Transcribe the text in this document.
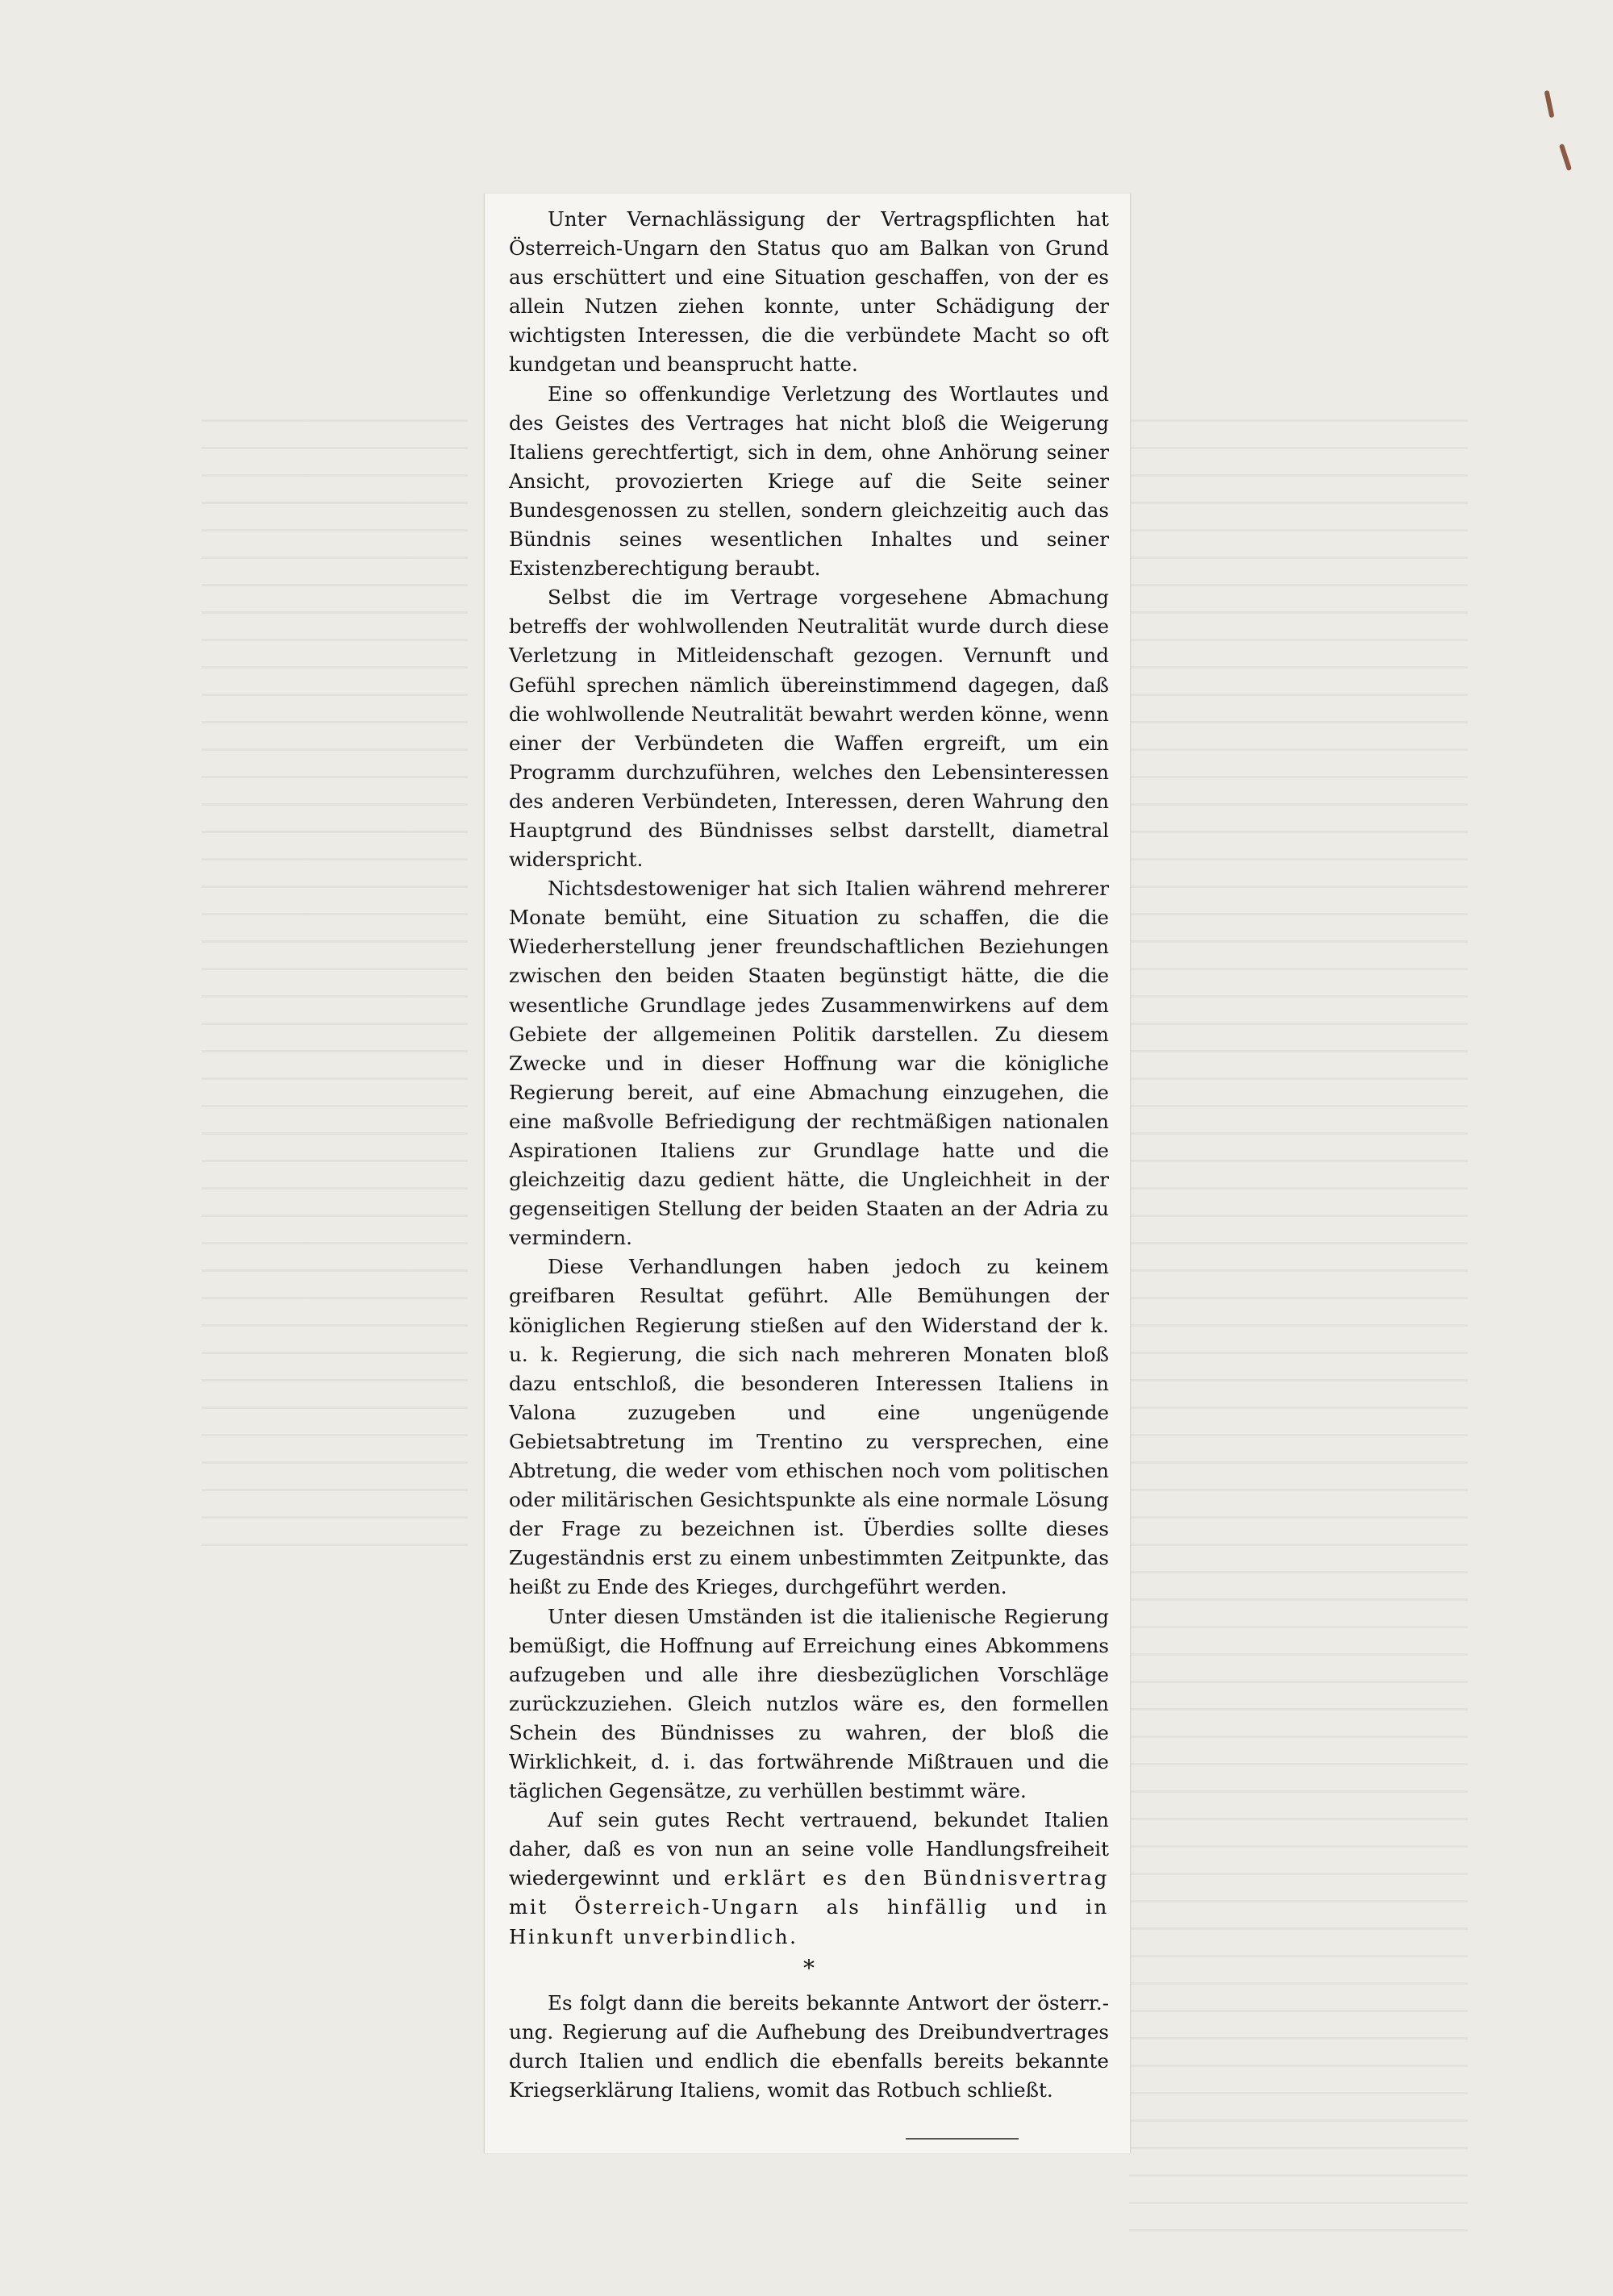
Unter Vernachlässigung der Vertragspflichten hat Österreich-Ungarn den Status quo am Balkan von Grund aus erschüttert und eine Situation geschaffen, von der es allein Nutzen ziehen konnte, unter Schädigung der wichtigsten Interessen, die die verbündete Macht so oft kundgetan und beansprucht hatte.

Eine so offenkundige Verletzung des Wortlautes und des Geistes des Vertrages hat nicht bloß die Weigerung Italiens gerechtfertigt, sich in dem, ohne Anhörung seiner Ansicht, provozierten Kriege auf die Seite seiner Bundesgenossen zu stellen, sondern gleichzeitig auch das Bündnis seines wesentlichen Inhaltes und seiner Existenzberechtigung beraubt.

Selbst die im Vertrage vorgesehene Abmachung betreffs der wohlwollenden Neutralität wurde durch diese Verletzung in Mitleidenschaft gezogen. Vernunft und Gefühl sprechen nämlich übereinstimmend dagegen, daß die wohlwollende Neutralität bewahrt werden könne, wenn einer der Verbündeten die Waffen ergreift, um ein Programm durchzuführen, welches den Lebensinteressen des anderen Verbündeten, Interessen, deren Wahrung den Hauptgrund des Bündnisses selbst darstellt, diametral widerspricht.

Nichtsdestoweniger hat sich Italien während mehrerer Monate bemüht, eine Situation zu schaffen, die die Wiederherstellung jener freundschaftlichen Beziehungen zwischen den beiden Staaten begünstigt hätte, die die wesentliche Grundlage jedes Zusammenwirkens auf dem Gebiete der allgemeinen Politik darstellen. Zu diesem Zwecke und in dieser Hoffnung war die königliche Regierung bereit, auf eine Abmachung einzugehen, die eine maßvolle Befriedigung der rechtmäßigen nationalen Aspirationen Italiens zur Grundlage hatte und die gleichzeitig dazu gedient hätte, die Ungleichheit in der gegenseitigen Stellung der beiden Staaten an der Adria zu vermindern.

Diese Verhandlungen haben jedoch zu keinem greifbaren Resultat geführt. Alle Bemühungen der königlichen Regierung stießen auf den Widerstand der k. u. k. Regierung, die sich nach mehreren Monaten bloß dazu entschloß, die besonderen Interessen Italiens in Valona zuzugeben und eine ungenügende Gebietsabtretung im Trentino zu versprechen, eine Abtretung, die weder vom ethischen noch vom politischen oder militärischen Gesichtspunkte als eine normale Lösung der Frage zu bezeichnen ist. Überdies sollte dieses Zugeständnis erst zu einem unbestimmten Zeitpunkte, das heißt zu Ende des Krieges, durchgeführt werden.

Unter diesen Umständen ist die italienische Regierung bemüßigt, die Hoffnung auf Erreichung eines Abkommens aufzugeben und alle ihre diesbezüglichen Vorschläge zurückzuziehen. Gleich nutzlos wäre es, den formellen Schein des Bündnisses zu wahren, der bloß die Wirklichkeit, d. i. das fortwährende Mißtrauen und die täglichen Gegensätze, zu verhüllen bestimmt wäre.

Auf sein gutes Recht vertrauend, bekundet Italien daher, daß es von nun an seine volle Handlungsfreiheit wiedergewinnt und erklärt es den Bündnisvertrag mit Österreich-Ungarn als hinfällig und in Hinkunft unverbindlich.

*

Es folgt dann die bereits bekannte Antwort der österr.-ung. Regierung auf die Aufhebung des Dreibundvertrages durch Italien und endlich die ebenfalls bereits bekannte Kriegserklärung Italiens, womit das Rotbuch schließt.
